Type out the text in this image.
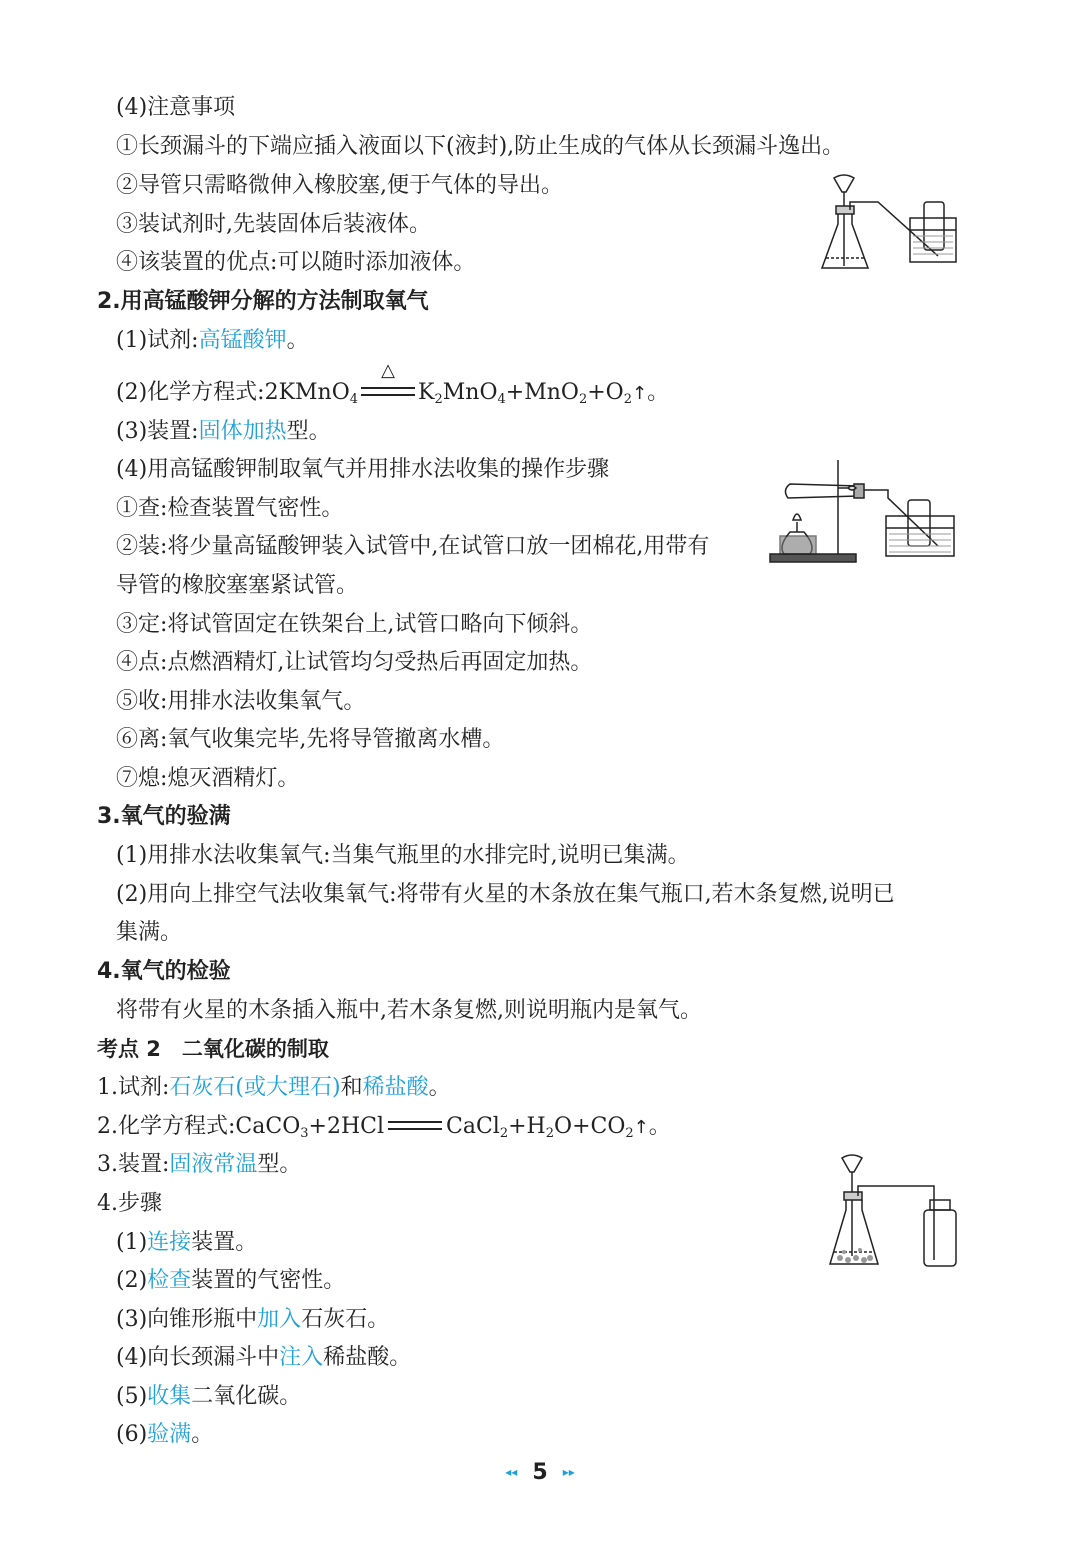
(4)注意事项
①长颈漏斗的下端应插入液面以下(液封),防止生成的气体从长颈漏斗逸出。
②导管只需略微伸入橡胶塞,便于气体的导出。
③装试剂时,先装固体后装液体。
④该装置的优点:可以随时添加液体。
2.用高锰酸钾分解的方法制取氧气
(1)试剂:高锰酸钾。
(2)化学方程式:2KMnO$_4$
△
$K_2MnO_4+MnO_2+O_2↑$。
(3)装置:固体加热型。
(4)用高锰酸钾制取氧气并用排水法收集的操作步骤
①查:检查装置气密性。
②装:将少量高锰酸钾装入试管中,在试管口放一团棉花,用带有
导管的橡胶塞塞紧试管。
③定:将试管固定在铁架台上,试管口略向下倾斜。
④点:点燃酒精灯,让试管均匀受热后再固定加热。
⑤收:用排水法收集氧气。
⑥离:氧气收集完毕,先将导管撤离水槽。
⑦熄:熄灭酒精灯。
3.氧气的验满
(1)用排水法收集氧气:当集气瓶里的水排完时,说明已集满。
(2)用向上排空气法收集氧气:将带有火星的木条放在集气瓶口,若木条复燃,说明已
集满。
4.氧气的检验
将带有火星的木条插入瓶中,若木条复燃,则说明瓶内是氧气。
考点 2　二氧化碳的制取
1.试剂:石灰石(或大理石)和稀盐酸。
2.化学方程式:CaCO$_3$+2HCl	$CaCl_2+H_2O+CO_2↑$。
3.装置:固液常温型。
4.步骤
(1)连接装置。
(2)检查装置的气密性。
(3)向锥形瓶中加入石灰石。
(4)向长颈漏斗中注入稀盐酸。
(5)收集二氧化碳。
(6)验满。
◂◂ 5 ▸▸
